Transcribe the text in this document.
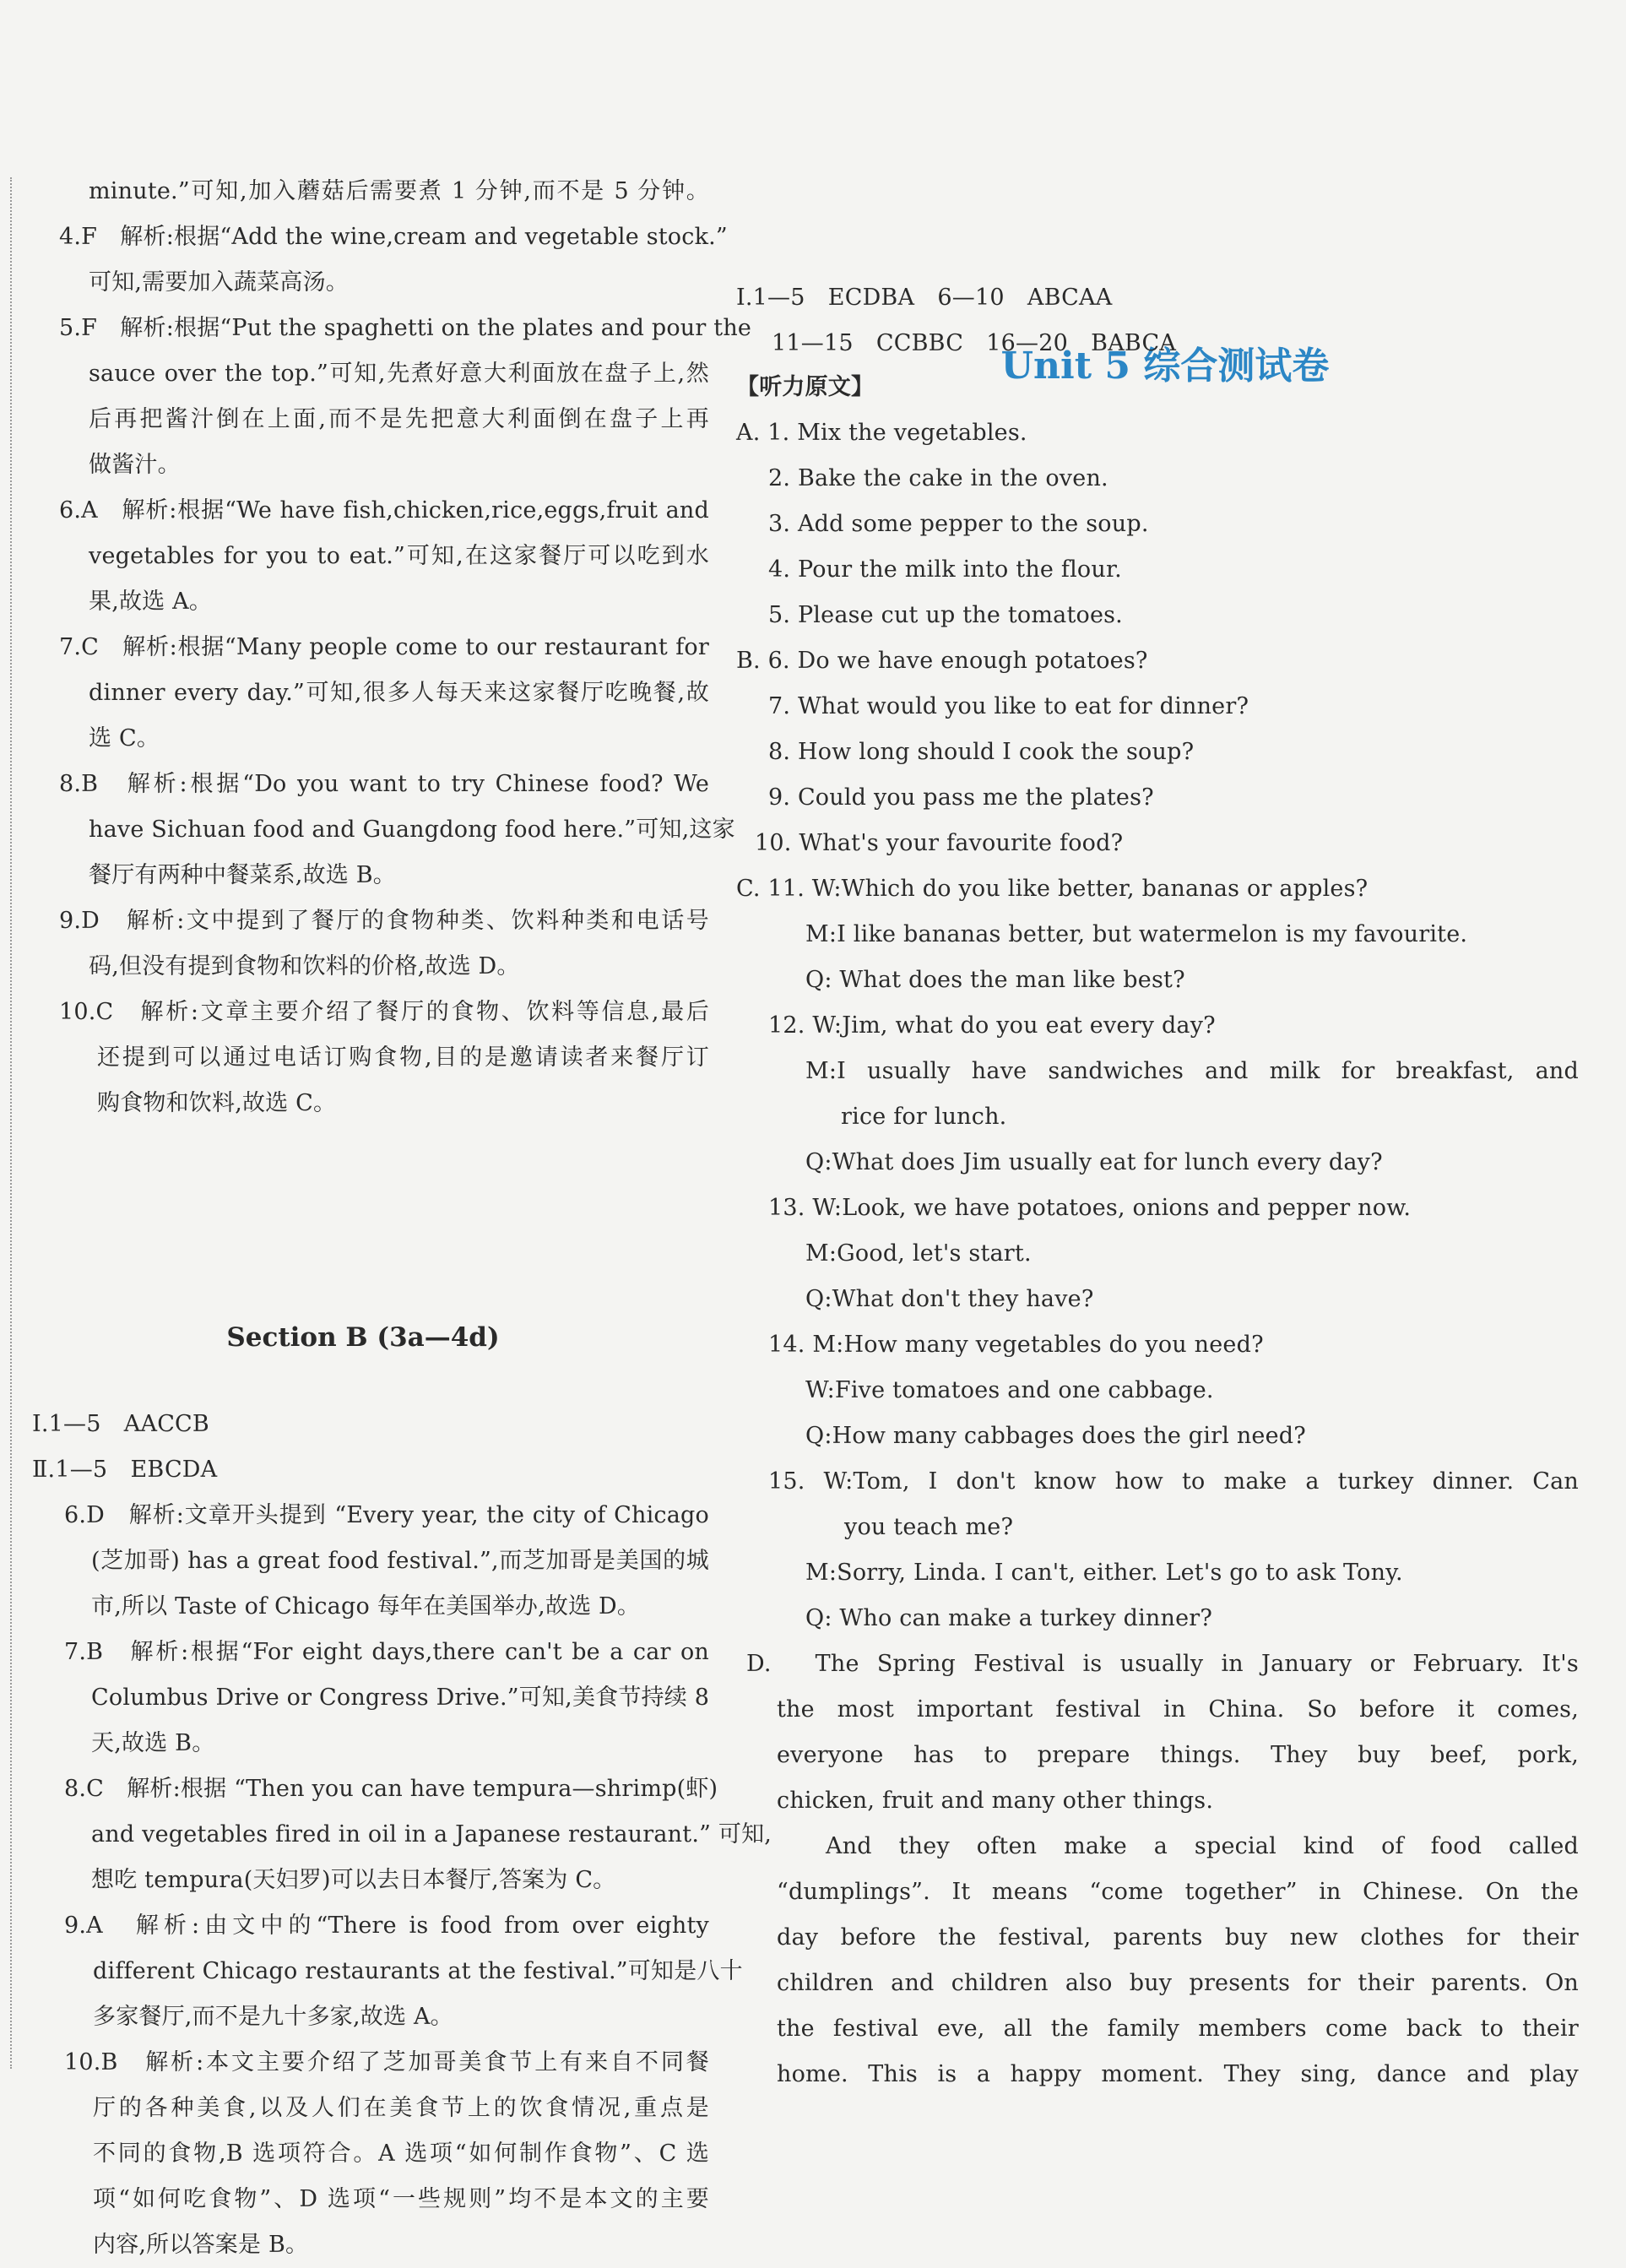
minute.”可知,加入蘑菇后需要煮 1 分钟,而不是 5 分钟。
4.F　解析:根据“Add the wine,cream and vegetable stock.”
可知,需要加入蔬菜高汤。
5.F　解析:根据“Put the spaghetti on the plates and pour the
sauce over the top.”可知,先煮好意大利面放在盘子上,然
后再把酱汁倒在上面,而不是先把意大利面倒在盘子上再
做酱汁。
6.A　解析:根据“We have fish,chicken,rice,eggs,fruit and
vegetables for you to eat.”可知,在这家餐厅可以吃到水
果,故选 A。
7.C　解析:根据“Many people come to our restaurant for
dinner every day.”可知,很多人每天来这家餐厅吃晚餐,故
选 C。
8.B　解析:根据“Do you want to try Chinese food? We
have Sichuan food and Guangdong food here.”可知,这家
餐厅有两种中餐菜系,故选 B。
9.D　解析:文中提到了餐厅的食物种类、饮料种类和电话号
码,但没有提到食物和饮料的价格,故选 D。
10.C　解析:文章主要介绍了餐厅的食物、饮料等信息,最后
还提到可以通过电话订购食物,目的是邀请读者来餐厅订
购食物和饮料,故选 C。
Section B (3a—4d)
Ⅰ.1—5　AACCB
Ⅱ.1—5　EBCDA
6.D　解析:文章开头提到 “Every year, the city of Chicago
(芝加哥) has a great food festival.”,而芝加哥是美国的城
市,所以 Taste of Chicago 每年在美国举办,故选 D。
7.B　解析:根据“For eight days,there can't be a car on
Columbus Drive or Congress Drive.”可知,美食节持续 8
天,故选 B。
8.C　解析:根据 “Then you can have tempura—shrimp(虾)
and vegetables fired in oil in a Japanese restaurant.” 可知,
想吃 tempura(天妇罗)可以去日本餐厅,答案为 C。
9.A　解析:由文中的“There is food from over eighty
different Chicago restaurants at the festival.”可知是八十
多家餐厅,而不是九十多家,故选 A。
10.B　解析:本文主要介绍了芝加哥美食节上有来自不同餐
厅的各种美食,以及人们在美食节上的饮食情况,重点是
不同的食物,B 选项符合。A 选项“如何制作食物”、C 选
项“如何吃食物”、D 选项“一些规则”均不是本文的主要
内容,所以答案是 B。
Unit 5 综合测试卷
Ⅰ.1—5　ECDBA　6—10　ABCAA
11—15　CCBBC　16—20　BABCA
【听力原文】
A. 1. Mix the vegetables.
2. Bake the cake in the oven.
3. Add some pepper to the soup.
4. Pour the milk into the flour.
5. Please cut up the tomatoes.
B. 6. Do we have enough potatoes?
7. What would you like to eat for dinner?
8. How long should I cook the soup?
9. Could you pass me the plates?
10. What's your favourite food?
C. 11. W:Which do you like better, bananas or apples?
M:I like bananas better, but watermelon is my favourite.
Q: What does the man like best?
12. W:Jim, what do you eat every day?
M:I usually have sandwiches and milk for breakfast, and
rice for lunch.
Q:What does Jim usually eat for lunch every day?
13. W:Look, we have potatoes, onions and pepper now.
M:Good, let's start.
Q:What don't they have?
14. M:How many vegetables do you need?
W:Five tomatoes and one cabbage.
Q:How many cabbages does the girl need?
15. W:Tom, I don't know how to make a turkey dinner. Can
you teach me?
M:Sorry, Linda. I can't, either. Let's go to ask Tony.
Q: Who can make a turkey dinner?
D.　The Spring Festival is usually in January or February. It's
the most important festival in China. So before it comes,
everyone has to prepare things. They buy beef, pork,
chicken, fruit and many other things.
And they often make a special kind of food called
“dumplings”. It means “come together” in Chinese. On the
day before the festival, parents buy new clothes for their
children and children also buy presents for their parents. On
the festival eve, all the family members come back to their
home. This is a happy moment. They sing, dance and play
